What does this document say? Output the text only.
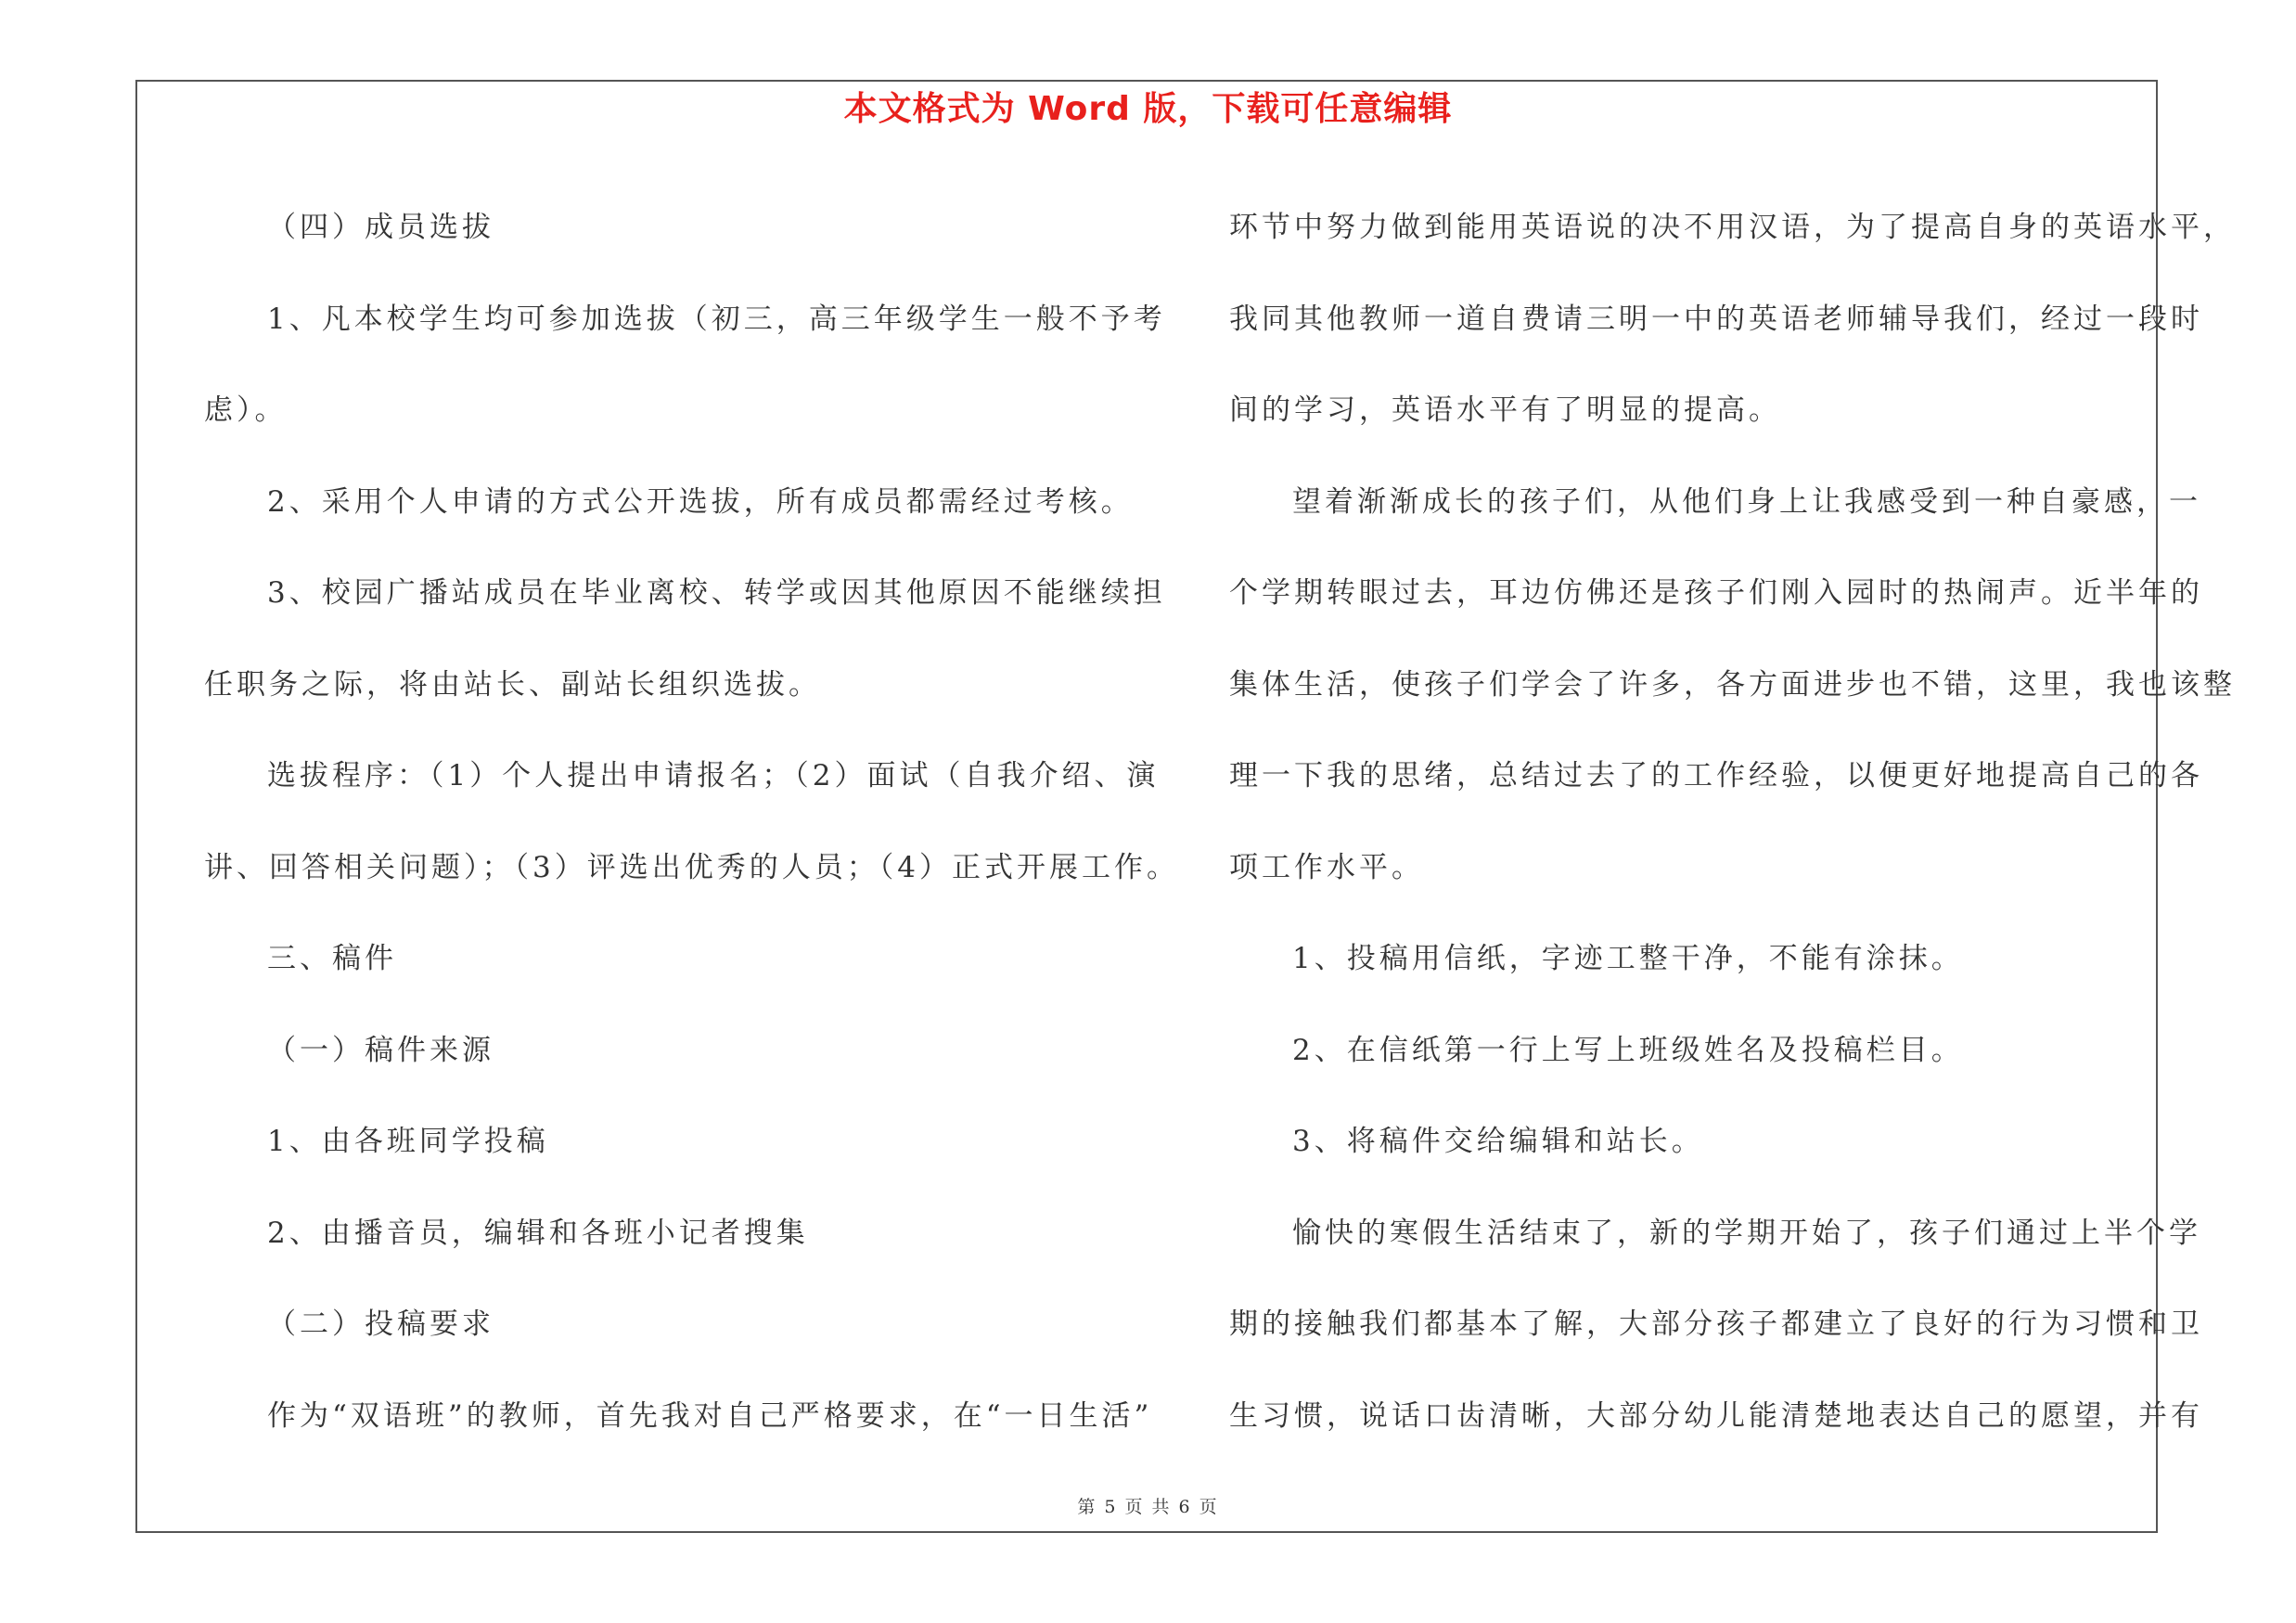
本文格式为 Word 版，下载可任意编辑

（四）成员选拔

1、凡本校学生均可参加选拔（初三，高三年级学生一般不予考

虑）。

2、采用个人申请的方式公开选拔，所有成员都需经过考核。

3、校园广播站成员在毕业离校、转学或因其他原因不能继续担

任职务之际，将由站长、副站长组织选拔。

选拔程序：（1）个人提出申请报名；（2）面试（自我介绍、演

讲、回答相关问题）；（3）评选出优秀的人员；（4）正式开展工作。

三、稿件

（一）稿件来源

1、由各班同学投稿

2、由播音员，编辑和各班小记者搜集

（二）投稿要求

作为“双语班”的教师，首先我对自己严格要求，在“一日生活”

环节中努力做到能用英语说的决不用汉语，为了提高自身的英语水平，

我同其他教师一道自费请三明一中的英语老师辅导我们，经过一段时

间的学习，英语水平有了明显的提高。

望着渐渐成长的孩子们，从他们身上让我感受到一种自豪感，一

个学期转眼过去，耳边仿佛还是孩子们刚入园时的热闹声。近半年的

集体生活，使孩子们学会了许多，各方面进步也不错，这里，我也该整

理一下我的思绪，总结过去了的工作经验，以便更好地提高自己的各

项工作水平。

1、投稿用信纸，字迹工整干净，不能有涂抹。

2、在信纸第一行上写上班级姓名及投稿栏目。

3、将稿件交给编辑和站长。

愉快的寒假生活结束了，新的学期开始了，孩子们通过上半个学

期的接触我们都基本了解，大部分孩子都建立了良好的行为习惯和卫

生习惯，说话口齿清晰，大部分幼儿能清楚地表达自己的愿望，并有

第 5 页 共 6 页
